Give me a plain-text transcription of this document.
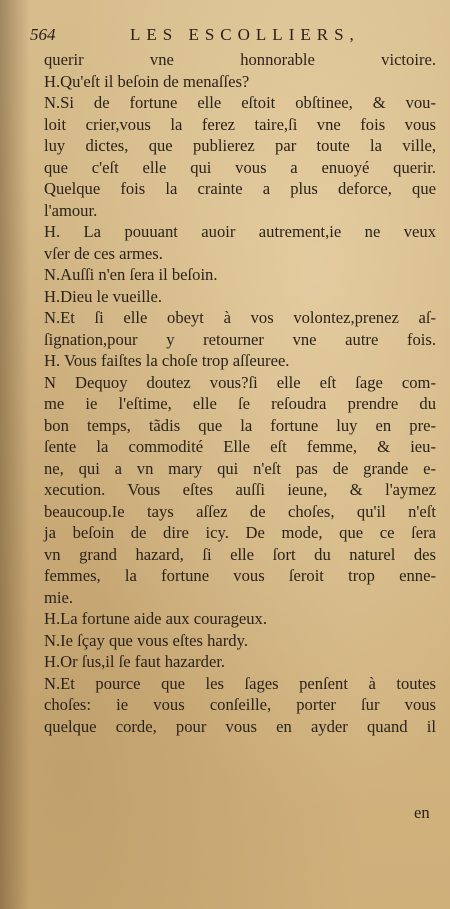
564	LES ESCOLLIERS,
querir vne honnorable victoire.
H.Qu'eſt il beſoin de menaſſes?
N.Si de fortune elle eſtoit obſtinee, & vou-
loit crier,vous la ferez taire,ſi vne fois vous
luy dictes, que publierez par toute la ville,
que c'eſt elle qui vous a enuoyé querir.
Quelque fois la crainte a plus deforce, que
l'amour.
H. La pouuant auoir autrement,ie ne veux
vſer de ces armes.
N.Auſſi n'en ſera il beſoin.
H.Dieu le vueille.
N.Et ſi elle obeyt à vos volontez,prenez aſ-
ſignation,pour y retourner vne autre fois.
H. Vous faiſtes la choſe trop aſſeuree.
N Dequoy doutez vous?ſi elle eſt ſage com-
me ie l'eſtime, elle ſe reſoudra prendre du
bon temps, tãdis que la fortune luy en pre-
ſente la commodité Elle eſt femme, & ieu-
ne, qui a vn mary qui n'eſt pas de grande e-
xecution. Vous eſtes auſſi ieune, & l'aymez
beaucoup.Ie tays aſſez de choſes, qu'il n'eſt
ja beſoin de dire icy. De mode, que ce ſera
vn grand hazard, ſi elle ſort du naturel des
femmes, la fortune vous ſeroit trop enne-
mie.
H.La fortune aide aux courageux.
N.Ie ſçay que vous eſtes hardy.
H.Or ſus,il ſe faut hazarder.
N.Et pource que les ſages penſent à toutes
choſes: ie vous conſeille, porter ſur vous
quelque corde, pour vous en ayder quand il
en
